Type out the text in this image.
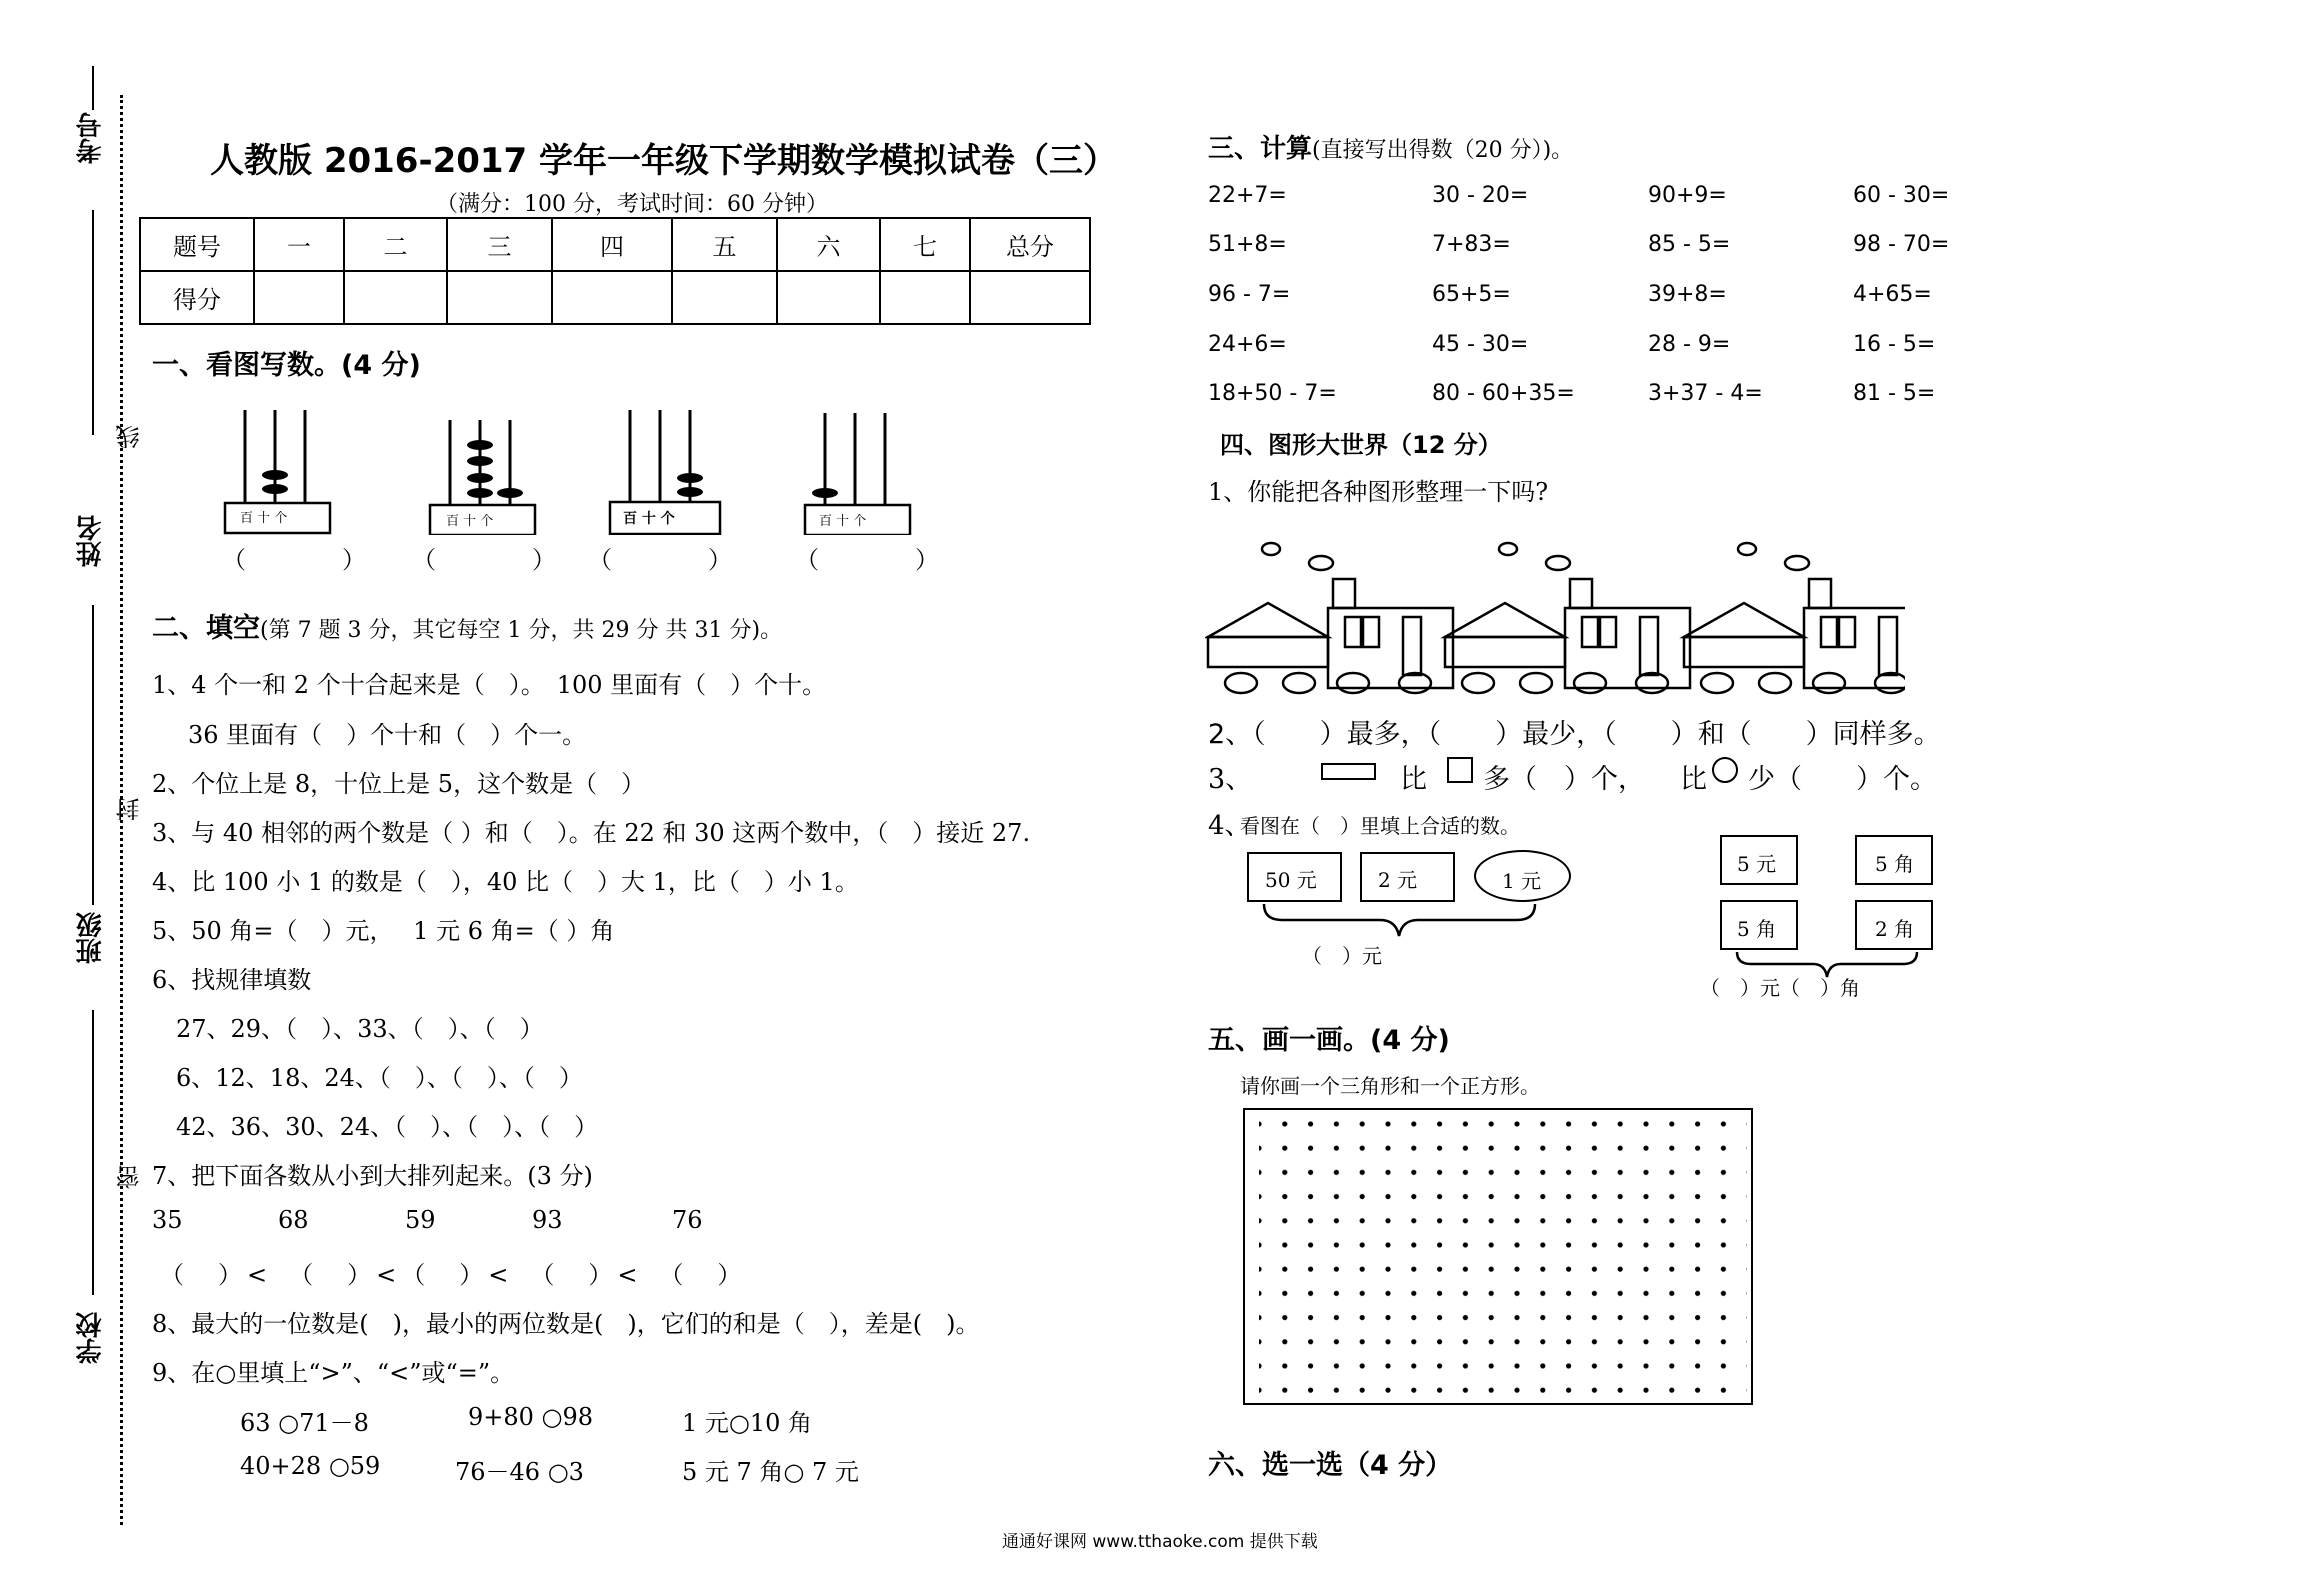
考号
姓名
班级
学校
线
封
密
人教版 2016-2017 学年一年级下学期数学模拟试卷（三）
（满分：100 分，考试时间：60 分钟）
题号	一	二	三	四	五	六	七	总分
得分								
一、看图写数。(4 分)
百 十 个	百 十 个	百 十 个	百 十 个
（　　　　） （　　　　） （　　　　）	（　　　　）
二、填空(第 7 题 3 分，其它每空 1 分，共 29 分 共 31 分)。
1、4 个一和 2 个十合起来是（　）。　100 里面有（　）个十。
36 里面有（　）个十和（　）个一。
2、个位上是 8，十位上是 5，这个数是（　）
3、与 40 相邻的两个数是（ ）和（　）。在 22 和 30 这两个数中，（　）接近 27.
4、比 100 小 1 的数是（　），40 比（　）大 1，比（　）小 1。
5、50 角=（　）元，　 1 元 6 角=（ ）角
6、找规律填数
27、29、（　）、33、（　）、（　）
6、12、18、24、（　）、（　）、（　）
42、36、30、24、（　）、（　）、（　）
7、把下面各数从小到大排列起来。(3 分)
35	68	59	93	76
（　）<　（　）<（　）<　（　）<　（　）
8、最大的一位数是(　)，最小的两位数是(　)，它们的和是（　），差是(　)。
9、在○里填上“>”、“<”或“=”。
63 ○71－8	9+80 ○98	1 元○10 角
40+28 ○59	76－46 ○3	5 元 7 角○ 7 元
三、计算(直接写出得数（20 分）)。
22+7=	30 - 20=	90+9=	60 - 30=
51+8=	7+83=	85 - 5=	98 - 70=
96 - 7=	65+5=	39+8=	4+65=
24+6=	45 - 30=	28 - 9=	16 - 5=
18+50 - 7=	80 - 60+35=	3+37 - 4=	81 - 5=
四、图形大世界（12 分）
1、你能把各种图形整理一下吗?
2、（　　）最多，（　　）最少，（　　）和（　　）同样多。
3、	比 多（　）个， 比 少（　　）个。
4、
看图在（　）里填上合适的数。
50 元	2 元	1 元
（　）元
5 元	5 角
5 角	2 角
（　）元（　）角
五、画一画。(4 分)
请你画一个三角形和一个正方形。
六、选一选（4 分）
通通好课网 www.tthaoke.com 提供下载
